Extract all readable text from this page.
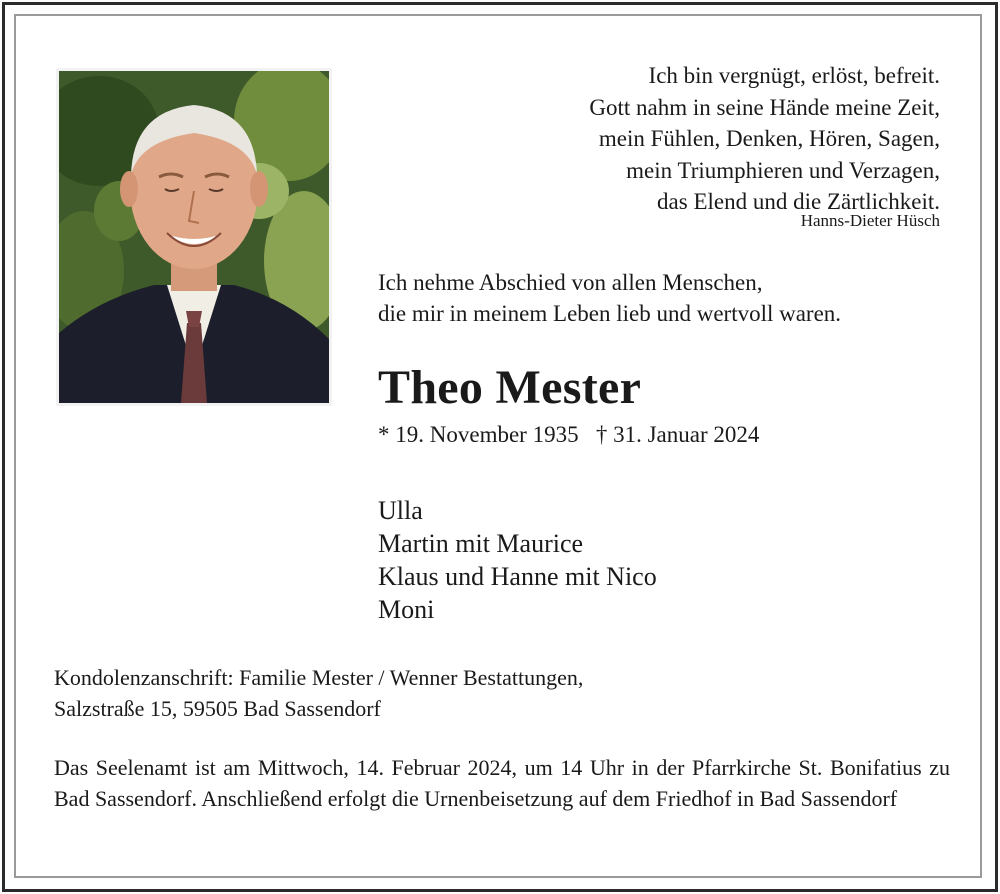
Ich bin vergnügt, erlöst, befreit.
Gott nahm in seine Hände meine Zeit,
mein Fühlen, Denken, Hören, Sagen,
mein Triumphieren und Verzagen,
das Elend und die Zärtlichkeit.
Hanns-Dieter Hüsch
Ich nehme Abschied von allen Menschen,
die mir in meinem Leben lieb und wertvoll waren.
Theo Mester
* 19. November 1935 † 31. Januar 2024
Ulla
Martin mit Maurice
Klaus und Hanne mit Nico
Moni
Kondolenzanschrift: Familie Mester / Wenner Bestattungen,
Salzstraße 15, 59505 Bad Sassendorf
Das Seelenamt ist am Mittwoch, 14. Februar 2024, um 14 Uhr in der Pfarrkirche St. Bonifatius zu Bad Sassendorf. Anschließend erfolgt die Urnenbeisetzung auf dem Friedhof in Bad Sassendorf
